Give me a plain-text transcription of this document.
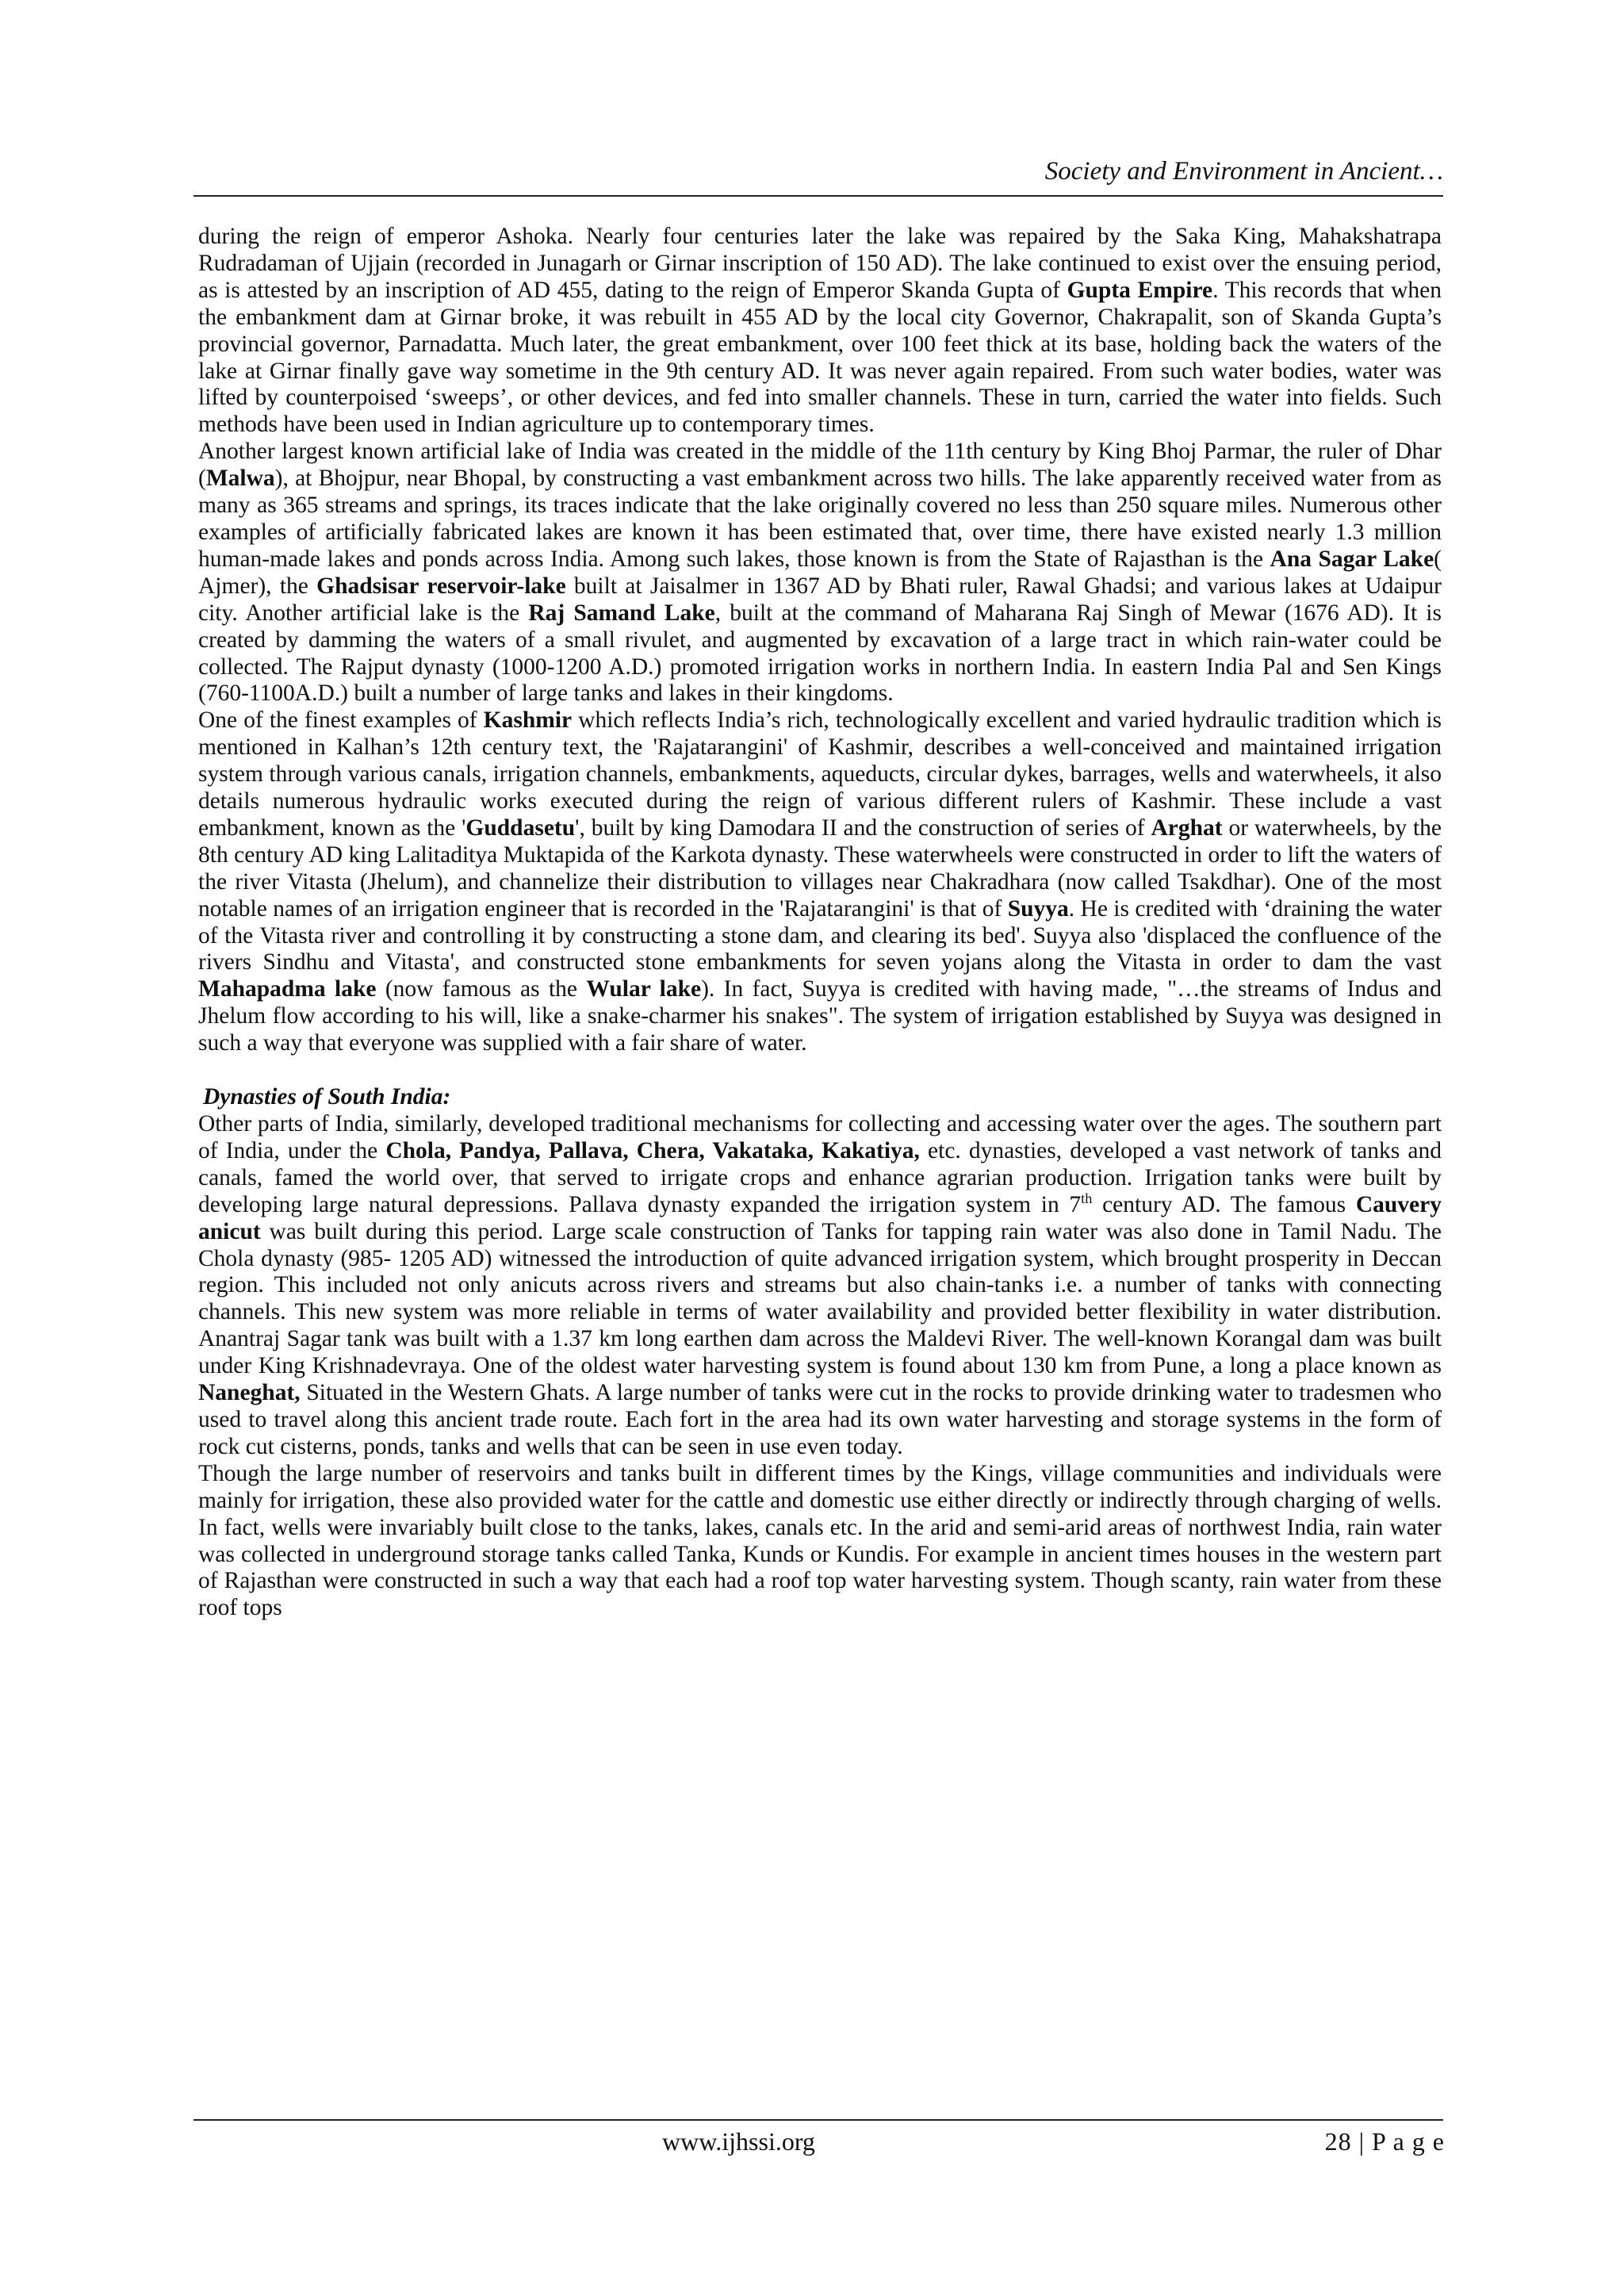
Society and Environment in Ancient…

during the reign of emperor Ashoka. Nearly four centuries later the lake was repaired by the Saka King, Mahakshatrapa Rudradaman of Ujjain (recorded in Junagarh or Girnar inscription of 150 AD). The lake continued to exist over the ensuing period, as is attested by an inscription of AD 455, dating to the reign of Emperor Skanda Gupta of Gupta Empire. This records that when the embankment dam at Girnar broke, it was rebuilt in 455 AD by the local city Governor, Chakrapalit, son of Skanda Gupta’s provincial governor, Parnadatta. Much later, the great embankment, over 100 feet thick at its base, holding back the waters of the lake at Girnar finally gave way sometime in the 9th century AD. It was never again repaired. From such water bodies, water was lifted by counterpoised ‘sweeps’, or other devices, and fed into smaller channels. These in turn, carried the water into fields. Such methods have been used in Indian agriculture up to contemporary times.

Another largest known artificial lake of India was created in the middle of the 11th century by King Bhoj Parmar, the ruler of Dhar (Malwa), at Bhojpur, near Bhopal, by constructing a vast embankment across two hills. The lake apparently received water from as many as 365 streams and springs, its traces indicate that the lake originally covered no less than 250 square miles. Numerous other examples of artificially fabricated lakes are known it has been estimated that, over time, there have existed nearly 1.3 million human-made lakes and ponds across India. Among such lakes, those known is from the State of Rajasthan is the Ana Sagar Lake( Ajmer), the Ghadsisar reservoir-lake built at Jaisalmer in 1367 AD by Bhati ruler, Rawal Ghadsi; and various lakes at Udaipur city. Another artificial lake is the Raj Samand Lake, built at the command of Maharana Raj Singh of Mewar (1676 AD). It is created by damming the waters of a small rivulet, and augmented by excavation of a large tract in which rain-water could be collected. The Rajput dynasty (1000-1200 A.D.) promoted irrigation works in northern India. In eastern India Pal and Sen Kings (760-1100A.D.) built a number of large tanks and lakes in their kingdoms.

One of the finest examples of Kashmir which reflects India’s rich, technologically excellent and varied hydraulic tradition which is mentioned in Kalhan’s 12th century text, the 'Rajatarangini' of Kashmir, describes a well-conceived and maintained irrigation system through various canals, irrigation channels, embankments, aqueducts, circular dykes, barrages, wells and waterwheels, it also details numerous hydraulic works executed during the reign of various different rulers of Kashmir. These include a vast embankment, known as the 'Guddasetu', built by king Damodara II and the construction of series of Arghat or waterwheels, by the 8th century AD king Lalitaditya Muktapida of the Karkota dynasty. These waterwheels were constructed in order to lift the waters of the river Vitasta (Jhelum), and channelize their distribution to villages near Chakradhara (now called Tsakdhar). One of the most notable names of an irrigation engineer that is recorded in the 'Rajatarangini' is that of Suyya. He is credited with ‘draining the water of the Vitasta river and controlling it by constructing a stone dam, and clearing its bed'. Suyya also 'displaced the confluence of the rivers Sindhu and Vitasta', and constructed stone embankments for seven yojans along the Vitasta in order to dam the vast Mahapadma lake (now famous as the Wular lake). In fact, Suyya is credited with having made, "…the streams of Indus and Jhelum flow according to his will, like a snake-charmer his snakes". The system of irrigation established by Suyya was designed in such a way that everyone was supplied with a fair share of water.

Dynasties of South India:

Other parts of India, similarly, developed traditional mechanisms for collecting and accessing water over the ages. The southern part of India, under the Chola, Pandya, Pallava, Chera, Vakataka, Kakatiya, etc. dynasties, developed a vast network of tanks and canals, famed the world over, that served to irrigate crops and enhance agrarian production. Irrigation tanks were built by developing large natural depressions. Pallava dynasty expanded the irrigation system in 7th century AD. The famous Cauvery anicut was built during this period. Large scale construction of Tanks for tapping rain water was also done in Tamil Nadu. The Chola dynasty (985- 1205 AD) witnessed the introduction of quite advanced irrigation system, which brought prosperity in Deccan region. This included not only anicuts across rivers and streams but also chain-tanks i.e. a number of tanks with connecting channels. This new system was more reliable in terms of water availability and provided better flexibility in water distribution. Anantraj Sagar tank was built with a 1.37 km long earthen dam across the Maldevi River. The well-known Korangal dam was built under King Krishnadevraya. One of the oldest water harvesting system is found about 130 km from Pune, a long a place known as Naneghat, Situated in the Western Ghats. A large number of tanks were cut in the rocks to provide drinking water to tradesmen who used to travel along this ancient trade route. Each fort in the area had its own water harvesting and storage systems in the form of rock cut cisterns, ponds, tanks and wells that can be seen in use even today.

Though the large number of reservoirs and tanks built in different times by the Kings, village communities and individuals were mainly for irrigation, these also provided water for the cattle and domestic use either directly or indirectly through charging of wells. In fact, wells were invariably built close to the tanks, lakes, canals etc. In the arid and semi-arid areas of northwest India, rain water was collected in underground storage tanks called Tanka, Kunds or Kundis. For example in ancient times houses in the western part of Rajasthan were constructed in such a way that each had a roof top water harvesting system. Though scanty, rain water from these roof tops

www.ijhssi.org	28 | P a g e
